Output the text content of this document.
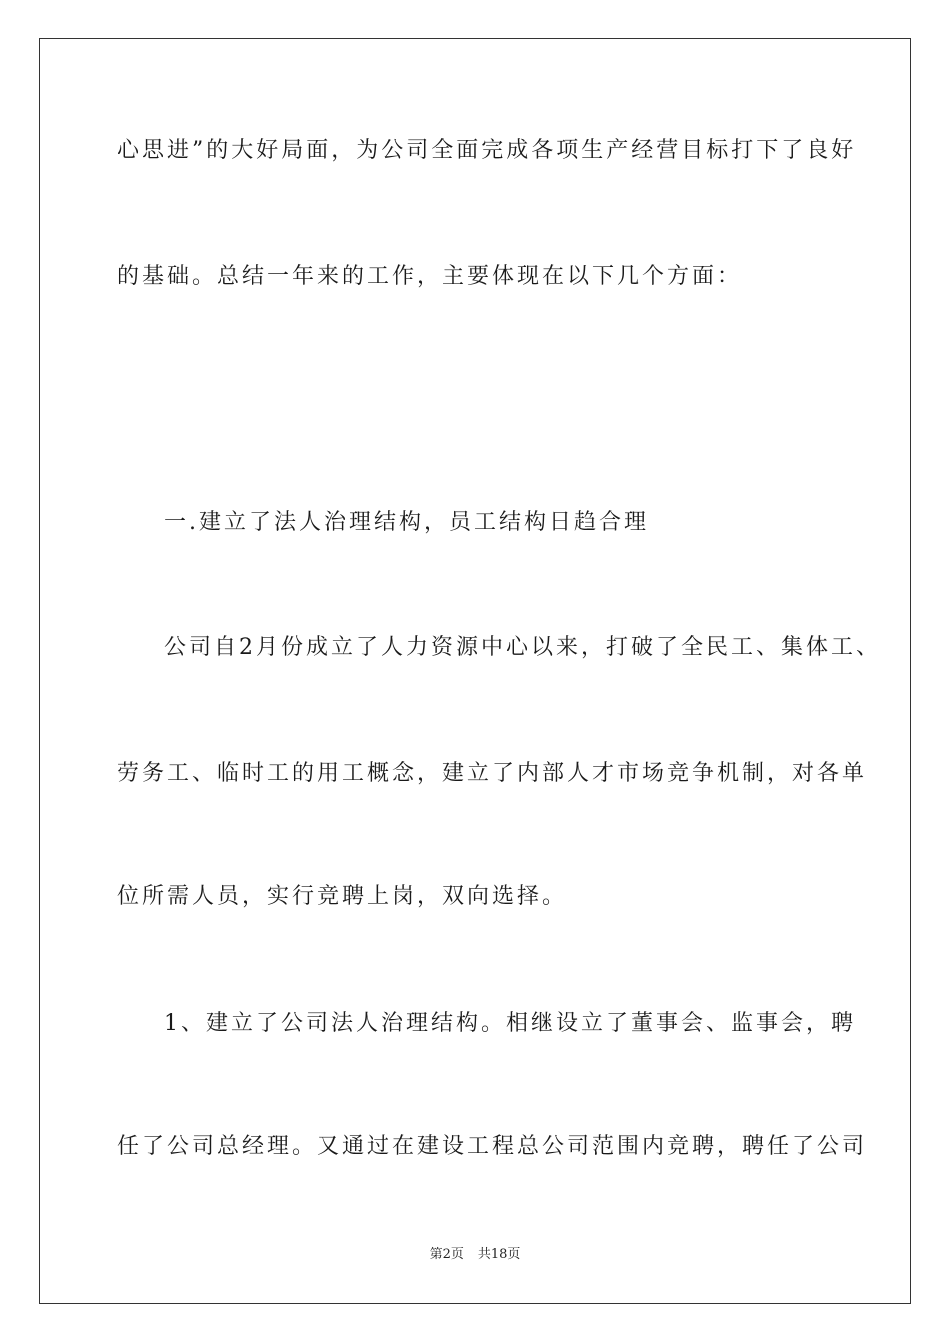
心思进”的大好局面，为公司全面完成各项生产经营目标打下了良好
的基础。总结一年来的工作，主要体现在以下几个方面：
一.建立了法人治理结构，员工结构日趋合理
公司自2月份成立了人力资源中心以来，打破了全民工、集体工、
劳务工、临时工的用工概念，建立了内部人才市场竞争机制，对各单
位所需人员，实行竞聘上岗，双向选择。
1、建立了公司法人治理结构。相继设立了董事会、监事会，聘
任了公司总经理。又通过在建设工程总公司范围内竞聘，聘任了公司
第2页 共18页
